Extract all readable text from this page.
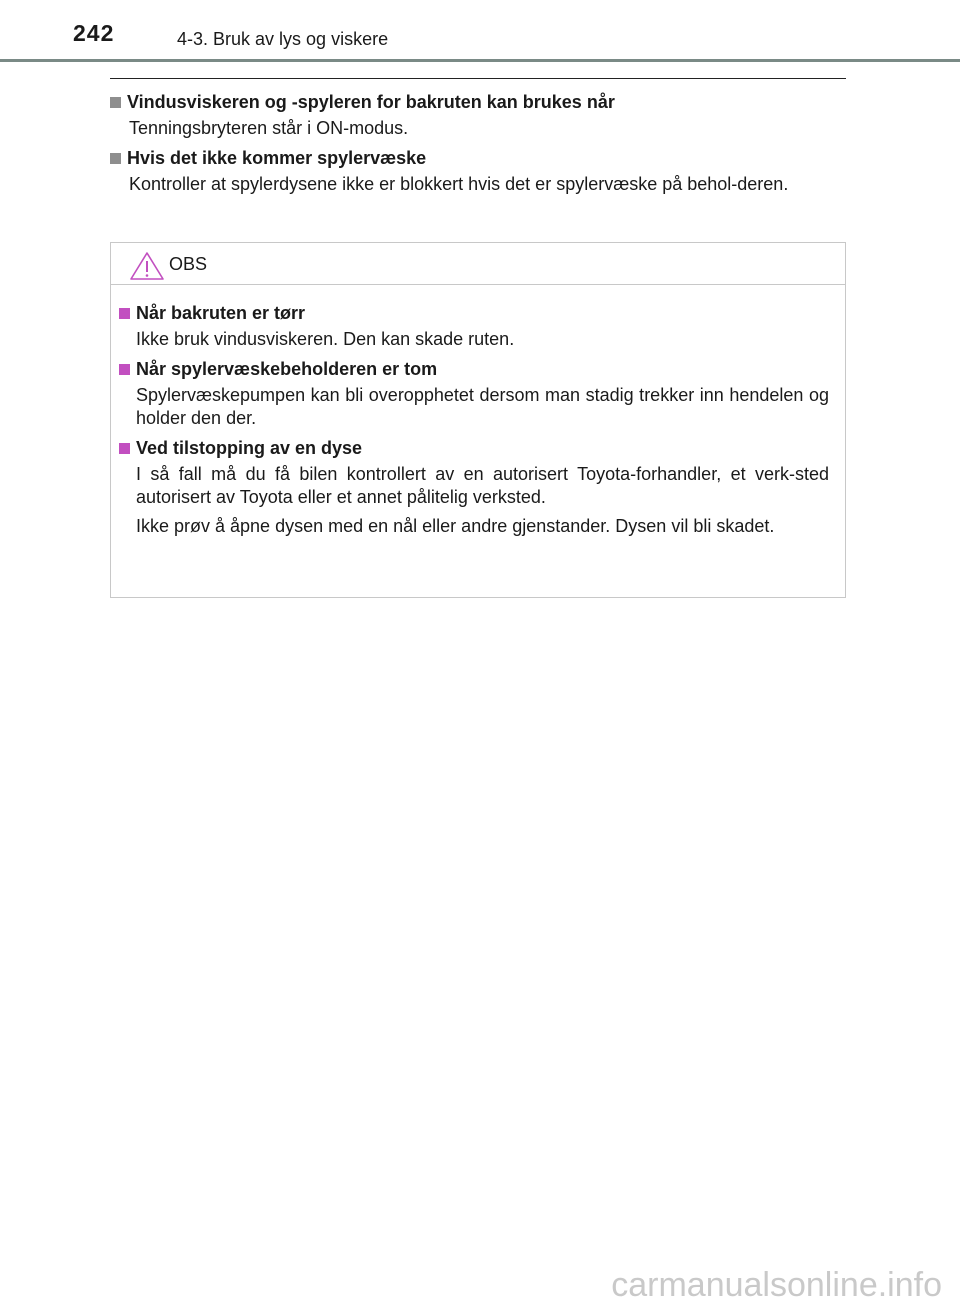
242	4-3. Bruk av lys og viskere
Vindusviskeren og -spyleren for bakruten kan brukes når
Tenningsbryteren står i ON-modus.
Hvis det ikke kommer spylervæske
Kontroller at spylerdysene ikke er blokkert hvis det er spylervæske på behol-deren.
OBS
Når bakruten er tørr
Ikke bruk vindusviskeren. Den kan skade ruten.
Når spylervæskebeholderen er tom
Spylervæskepumpen kan bli overopphetet dersom man stadig trekker inn hendelen og holder den der.
Ved tilstopping av en dyse
I så fall må du få bilen kontrollert av en autorisert Toyota-forhandler, et verk-sted autorisert av Toyota eller et annet pålitelig verksted.
Ikke prøv å åpne dysen med en nål eller andre gjenstander. Dysen vil bli skadet.
carmanualsonline.info
